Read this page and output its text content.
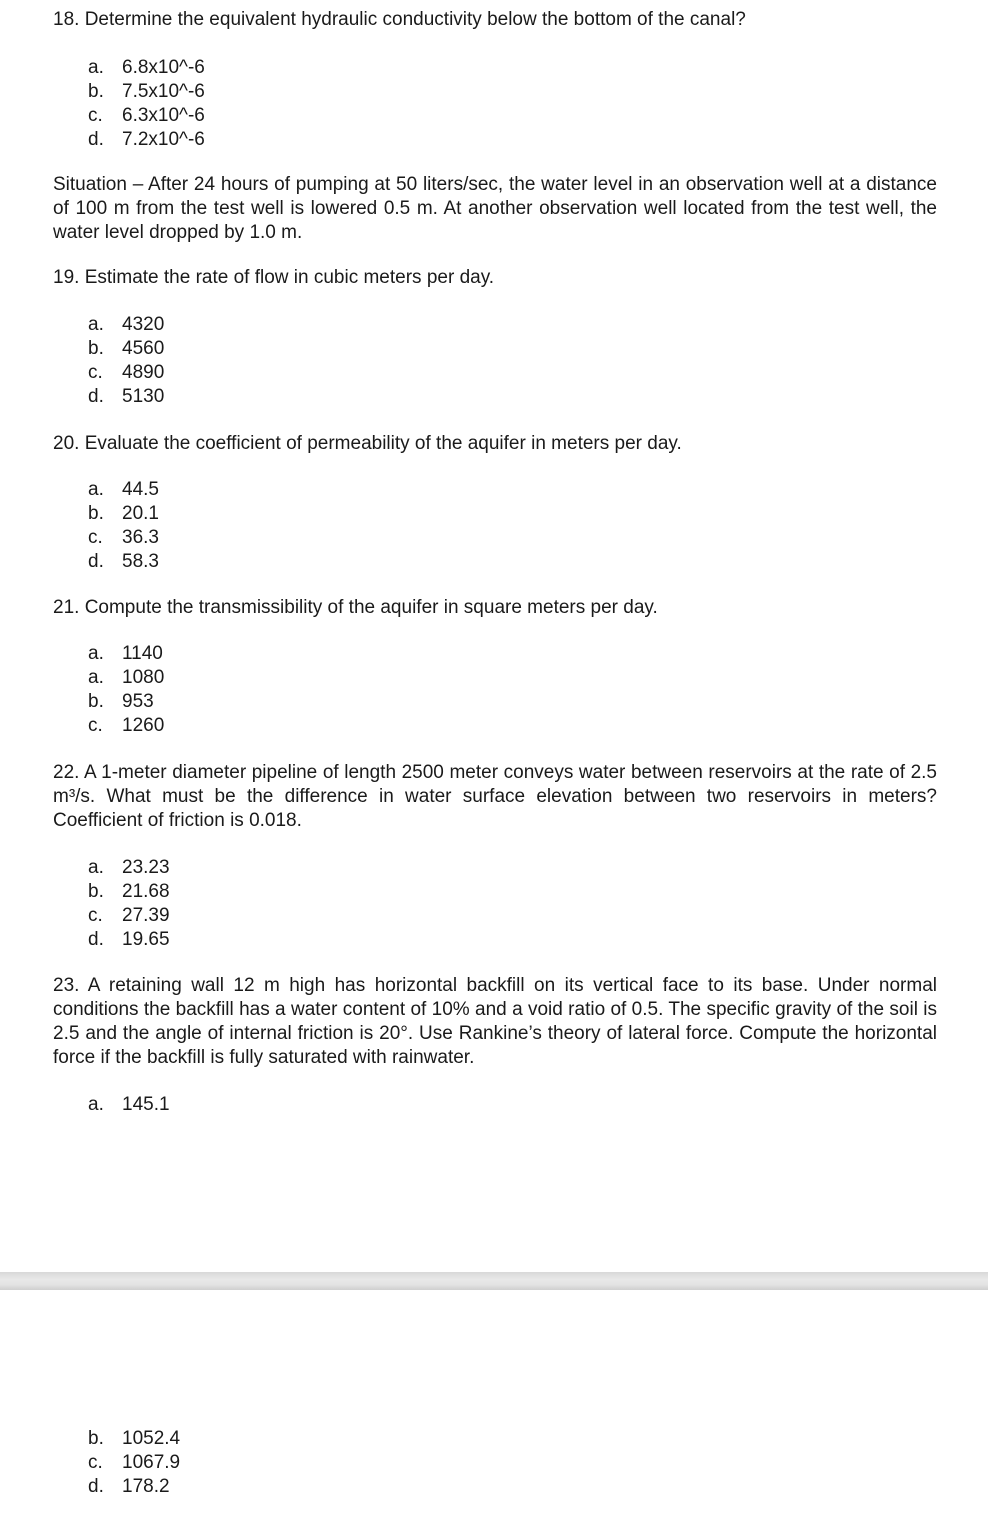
18. Determine the equivalent hydraulic conductivity below the bottom of the canal?

a. 6.8x10^-6
b. 7.5x10^-6
c.	6.3x10^-6
d. 7.2x10^-6

Situation – After 24 hours of pumping at 50 liters/sec, the water level in an observation well at a distance of 100 m from the test well is lowered 0.5 m. At another observation well located from the test well, the water level dropped by 1.0 m.

19. Estimate the rate of flow in cubic meters per day.

a. 4320
b. 4560
c.	4890
d. 5130

20. Evaluate the coefficient of permeability of the aquifer in meters per day.

a. 44.5
b. 20.1
c.	36.3
d. 58.3

21. Compute the transmissibility of the aquifer in square meters per day.

a. 1140
a. 1080
b. 953
c.	1260

22. A 1-meter diameter pipeline of length 2500 meter conveys water between reservoirs at the rate of 2.5 m³/s. What must be the difference in water surface elevation between two reservoirs in meters? Coefficient of friction is 0.018.

a. 23.23
b. 21.68
c.	27.39
d. 19.65

23. A retaining wall 12 m high has horizontal backfill on its vertical face to its base. Under normal conditions the backfill has a water content of 10% and a void ratio of 0.5. The specific gravity of the soil is 2.5 and the angle of internal friction is 20°. Use Rankine’s theory of lateral force. Compute the horizontal force if the backfill is fully saturated with rainwater.

a. 145.1
b. 1052.4
c.	1067.9
d. 178.2
